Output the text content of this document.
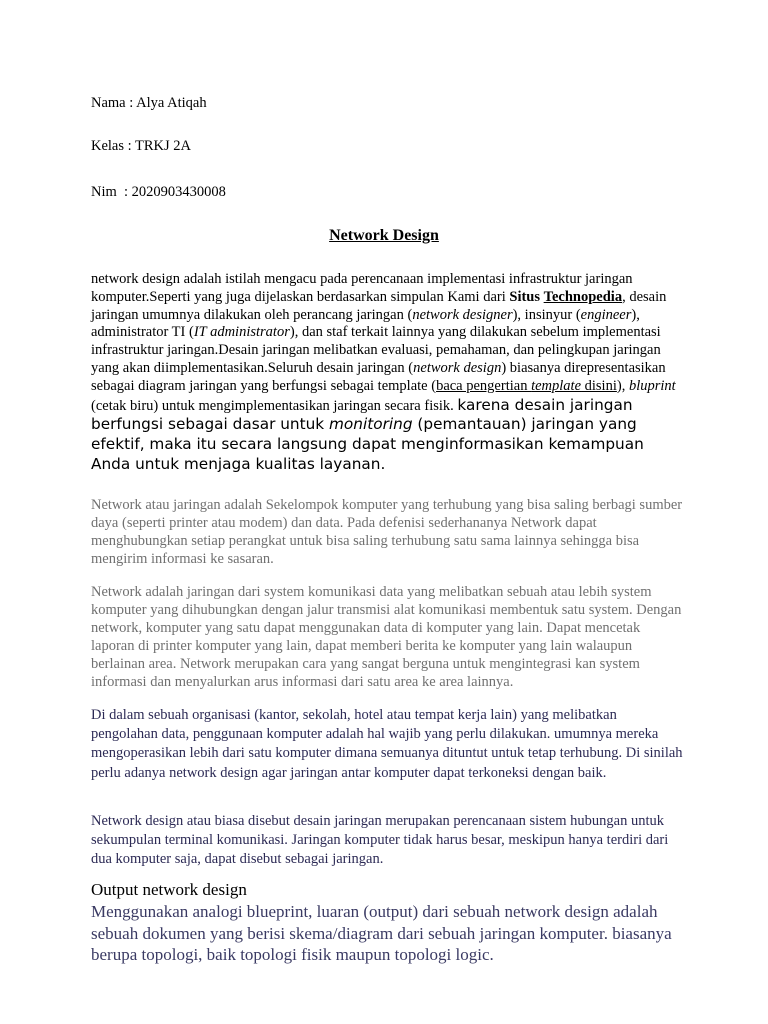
Nama : Alya Atiqah
Kelas : TRKJ 2A
Nim  : 2020903430008
Network Design
network design adalah istilah mengacu pada perencanaan implementasi infrastruktur jaringan komputer.Seperti yang juga dijelaskan berdasarkan simpulan Kami dari Situs Technopedia, desain jaringan umumnya dilakukan oleh perancang jaringan (network designer), insinyur (engineer), administrator TI (IT administrator), dan staf terkait lainnya yang dilakukan sebelum implementasi infrastruktur jaringan.Desain jaringan melibatkan evaluasi, pemahaman, dan pelingkupan jaringan yang akan diimplementasikan.Seluruh desain jaringan (network design) biasanya direpresentasikan sebagai diagram jaringan yang berfungsi sebagai template (baca pengertian template disini), bluprint (cetak biru) untuk mengimplementasikan jaringan secara fisik. karena desain jaringan berfungsi sebagai dasar untuk monitoring (pemantauan) jaringan yang efektif, maka itu secara langsung dapat menginformasikan kemampuan Anda untuk menjaga kualitas layanan.
Network atau jaringan adalah Sekelompok komputer yang terhubung yang bisa saling berbagi sumber daya (seperti printer atau modem) dan data. Pada defenisi sederhananya Network dapat menghubungkan setiap perangkat untuk bisa saling terhubung satu sama lainnya sehingga bisa mengirim informasi ke sasaran.
Network adalah jaringan dari system komunikasi data yang melibatkan sebuah atau lebih system komputer yang dihubungkan dengan jalur transmisi alat komunikasi membentuk satu system. Dengan network, komputer yang satu dapat menggunakan data di komputer yang lain. Dapat mencetak laporan di printer komputer yang lain, dapat memberi berita ke komputer yang lain walaupun berlainan area. Network merupakan cara yang sangat berguna untuk mengintegrasi kan system informasi dan menyalurkan arus informasi dari satu area ke area lainnya.
Di dalam sebuah organisasi (kantor, sekolah, hotel atau tempat kerja lain) yang melibatkan pengolahan data, penggunaan komputer adalah hal wajib yang perlu dilakukan. umumnya mereka mengoperasikan lebih dari satu komputer dimana semuanya dituntut untuk tetap terhubung. Di sinilah perlu adanya network design agar jaringan antar komputer dapat terkoneksi dengan baik.
Network design atau biasa disebut desain jaringan merupakan perencanaan sistem hubungan untuk sekumpulan terminal komunikasi. Jaringan komputer tidak harus besar, meskipun hanya terdiri dari dua komputer saja, dapat disebut sebagai jaringan.
Output network design
Menggunakan analogi blueprint, luaran (output) dari sebuah network design adalah sebuah dokumen yang berisi skema/diagram dari sebuah jaringan komputer. biasanya berupa topologi, baik topologi fisik maupun topologi logic.
